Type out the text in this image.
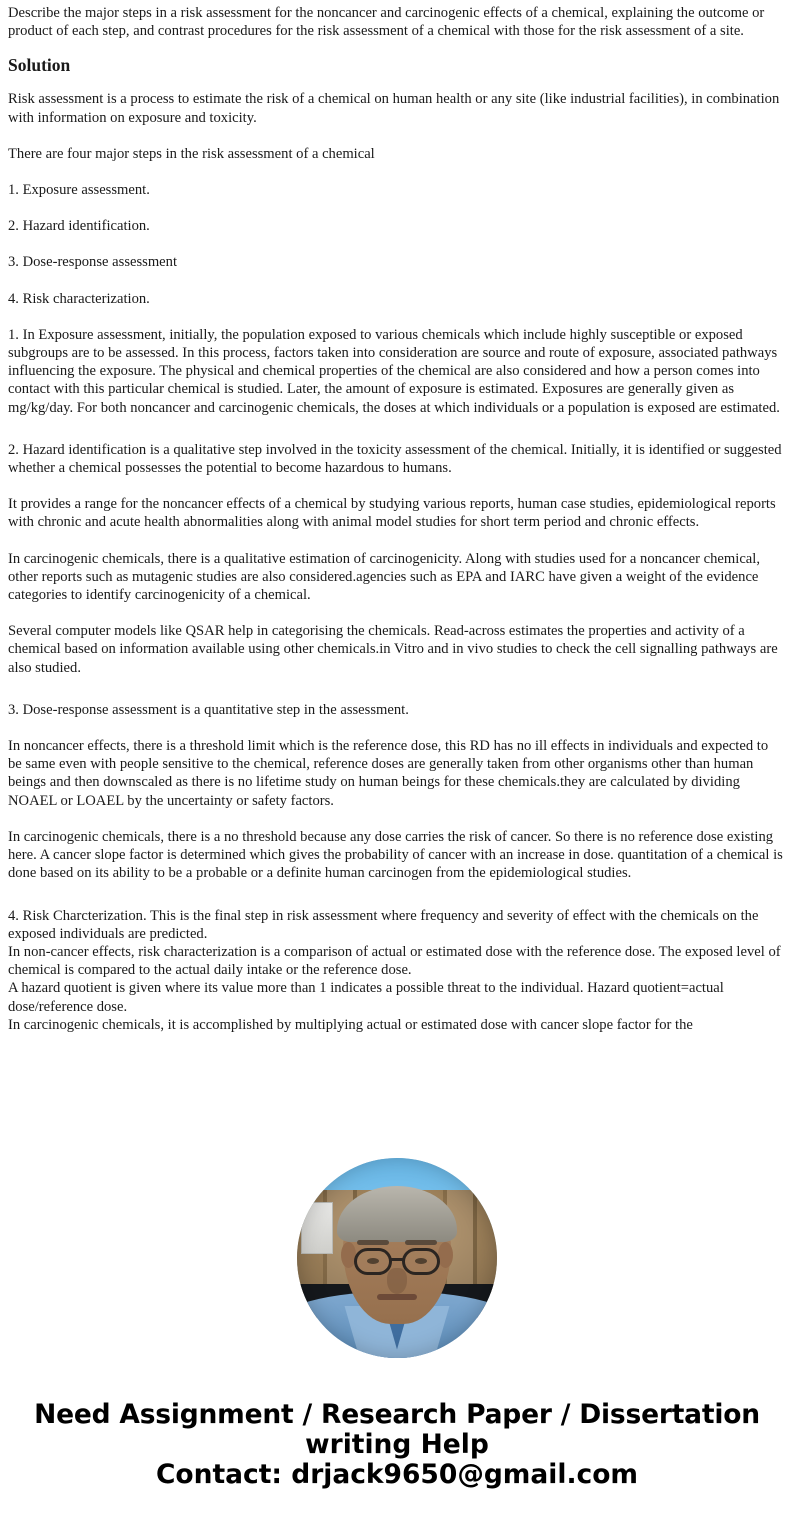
Describe the major steps in a risk assessment for the noncancer and carcinogenic effects of a chemical, explaining the outcome or product of each step, and contrast procedures for the risk assessment of a chemical with those for the risk assessment of a site.

Solution

Risk assessment is a process to estimate the risk of a chemical on human health or any site (like industrial facilities), in combination with information on exposure and toxicity.

There are four major steps in the risk assessment of a chemical

1. Exposure assessment.

2. Hazard identification.

3. Dose-response assessment

4. Risk characterization.

1. In Exposure assessment, initially, the population exposed to various chemicals which include highly susceptible or exposed subgroups are to be assessed. In this process, factors taken into consideration are source and route of exposure, associated pathways influencing the exposure. The physical and chemical properties of the chemical are also considered and how a person comes into contact with this particular chemical is studied. Later, the amount of exposure is estimated. Exposures are generally given as mg/kg/day. For both noncancer and carcinogenic chemicals, the doses at which individuals or a population is exposed are estimated.

2. Hazard identification is a qualitative step involved in the toxicity assessment of the chemical. Initially, it is identified or suggested whether a chemical possesses the potential to become hazardous to humans.

It provides a range for the noncancer effects of a chemical by studying various reports, human case studies, epidemiological reports with chronic and acute health abnormalities along with animal model studies for short term period and chronic effects.

In carcinogenic chemicals, there is a qualitative estimation of carcinogenicity. Along with studies used for a noncancer chemical, other reports such as mutagenic studies are also considered.agencies such as EPA and IARC have given a weight of the evidence categories to identify carcinogenicity of a chemical.

Several computer models like QSAR help in categorising the chemicals. Read-across estimates the properties and activity of a chemical based on information available using other chemicals.in Vitro and in vivo studies to check the cell signalling pathways are also studied.

3. Dose-response assessment is a quantitative step in the assessment.

In noncancer effects, there is a threshold limit which is the reference dose, this RD has no ill effects in individuals and expected to be same even with people sensitive to the chemical, reference doses are generally taken from other organisms other than human beings and then downscaled as there is no lifetime study on human beings for these chemicals.they are calculated by dividing NOAEL or LOAEL by the uncertainty or safety factors.

In carcinogenic chemicals, there is a no threshold because any dose carries the risk of cancer. So there is no reference dose existing here. A cancer slope factor is determined which gives the probability of cancer with an increase in dose. quantitation of a chemical is done based on its ability to be a probable or a definite human carcinogen from the epidemiological studies.

4. Risk Charcterization. This is the final step in risk assessment where frequency and severity of effect with the chemicals on the exposed individuals are predicted.

In non-cancer effects, risk characterization is a comparison of actual or estimated dose with the reference dose. The exposed level of chemical is compared to the actual daily intake or the reference dose.

A hazard quotient is given where its value more than 1 indicates a possible threat to the individual. Hazard quotient=actual dose/reference dose.

In carcinogenic chemicals, it is accomplished by multiplying actual or estimated dose with cancer slope factor for the

Need Assignment / Research Paper / Dissertation
writing Help
Contact: drjack9650@gmail.com
